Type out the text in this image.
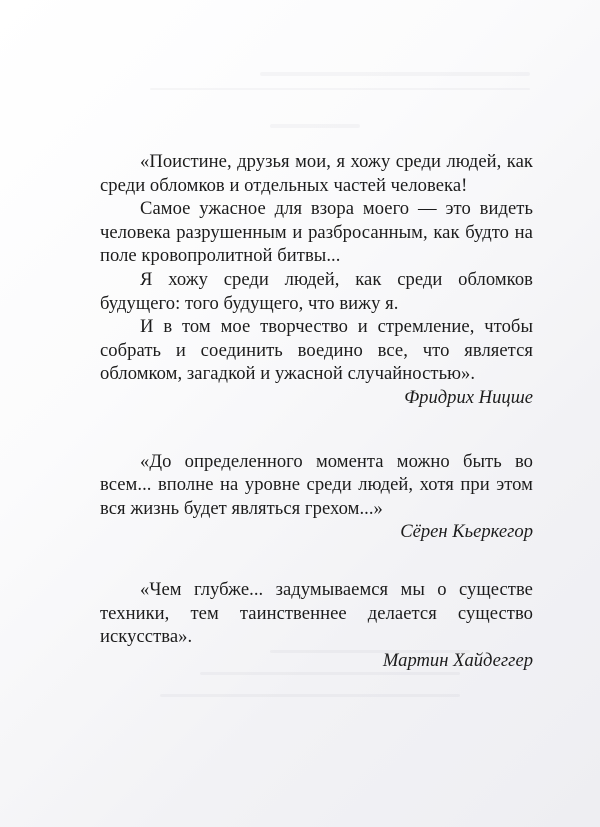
«Поистине, друзья мои, я хожу среди людей, как среди обломков и отдельных частей человека!

Самое ужасное для взора моего — это видеть человека разрушенным и разбросанным, как будто на поле кровопролитной битвы...

Я хожу среди людей, как среди обломков будущего: того будущего, что вижу я.

И в том мое творчество и стремление, чтобы собрать и соединить воедино все, что является обломком, загадкой и ужасной случайностью».

Фридрих Ницше

«До определенного момента можно быть во всем... вполне на уровне среди людей, хотя при этом вся жизнь будет являться грехом...»

Сёрен Кьеркегор

«Чем глубже... задумываемся мы о существе техники, тем таинственнее делается существо искусства».

Мартин Хайдеггер
